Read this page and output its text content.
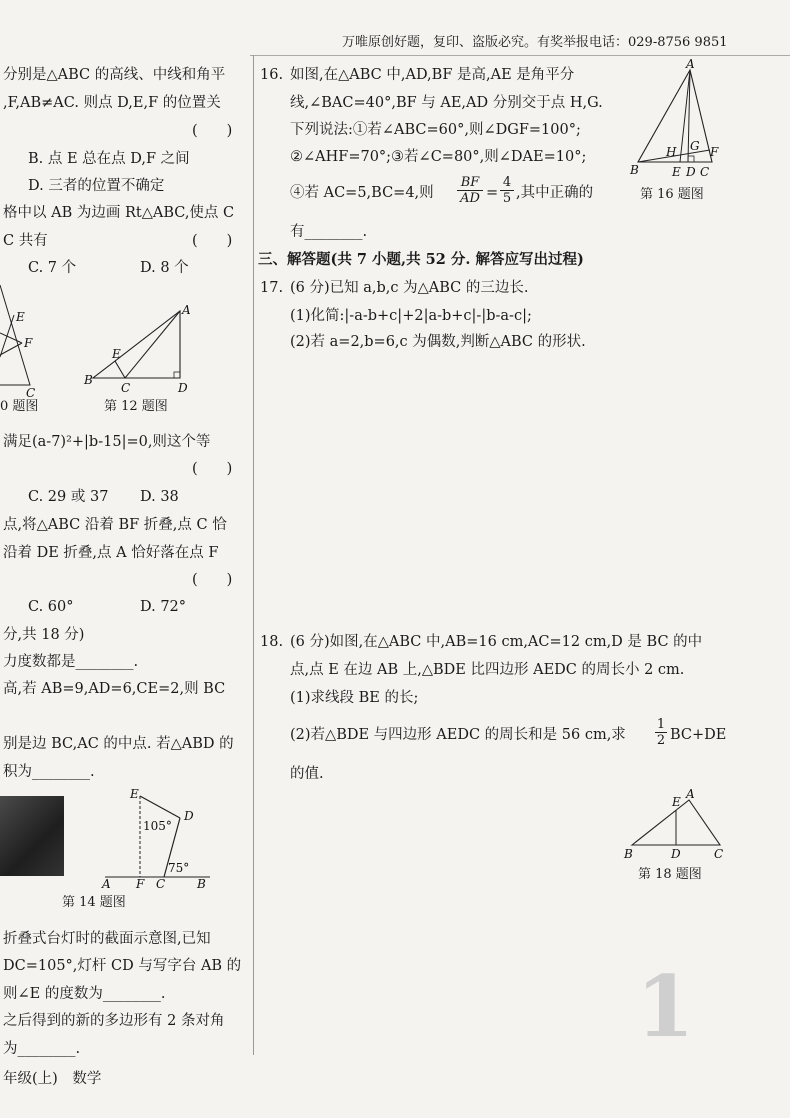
万唯原创好题，复印、盗版必究。有奖举报电话：029-8756 9851
分别是△ABC 的高线、中线和角平
,F,AB≠AC. 则点 D,E,F 的位置关
(　　)
B. 点 E 总在点 D,F 之间
D. 三者的位置不确定
格中以 AB 为边画 Rt△ABC,使点 C
C 共有	(　　)
C. 7 个	D. 8 个
E
F
C
0 题图
A
E
B
C	D
第 12 题图
满足(a-7)²+|b-15|=0,则这个等
(　　)
C. 29 或 37 D. 38
点,将△ABC 沿着 BF 折叠,点 C 恰
沿着 DE 折叠,点 A 恰好落在点 F
(　　)
C. 60°	D. 72°
分,共 18 分)
力度数都是________.
高,若 AB=9,AD=6,CE=2,则 BC
别是边 BC,AC 的中点. 若△ABD 的
积为________.
E
D
105°
75°
A F C	B
第 14 题图
折叠式台灯时的截面示意图,已知
DC=105°,灯杆 CD 与写字台 AB 的
则∠E 的度数为________.
之后得到的新的多边形有 2 条对角
为________.
年级(上)　数学
16. 如图,在△ABC 中,AD,BF 是高,AE 是角平分
线,∠BAC=40°,BF 与 AE,AD 分别交于点 H,G.
下列说法:①若∠ABC=60°,则∠DGF=100°;
②∠AHF=70°;③若∠C=80°,则∠DAE=10°;
④若 AC=5,BC=4,则 $\frac{BF}{AD} = \frac{4}{5}$ ,其中正确的
有________.
A
B
H G
E D C
F
第 16 题图
三、解答题(共 7 小题,共 52 分. 解答应写出过程)
17. (6 分)已知 a,b,c 为△ABC 的三边长.
(1)化简:|-a-b+c|+2|a-b+c|-|b-a-c|;
(2)若 a=2,b=6,c 为偶数,判断△ABC 的形状.
18. (6 分)如图,在△ABC 中,AB=16 cm,AC=12 cm,D 是 BC 的中
点,点 E 在边 AB 上,△BDE 比四边形 AEDC 的周长小 2 cm.
(1)求线段 BE 的长;
(2)若△BDE 与四边形 AEDC 的周长和是 56 cm,求 $\frac{1}{2} BC+DE$
的值.
E
A
B	D	C
第 18 题图
1
